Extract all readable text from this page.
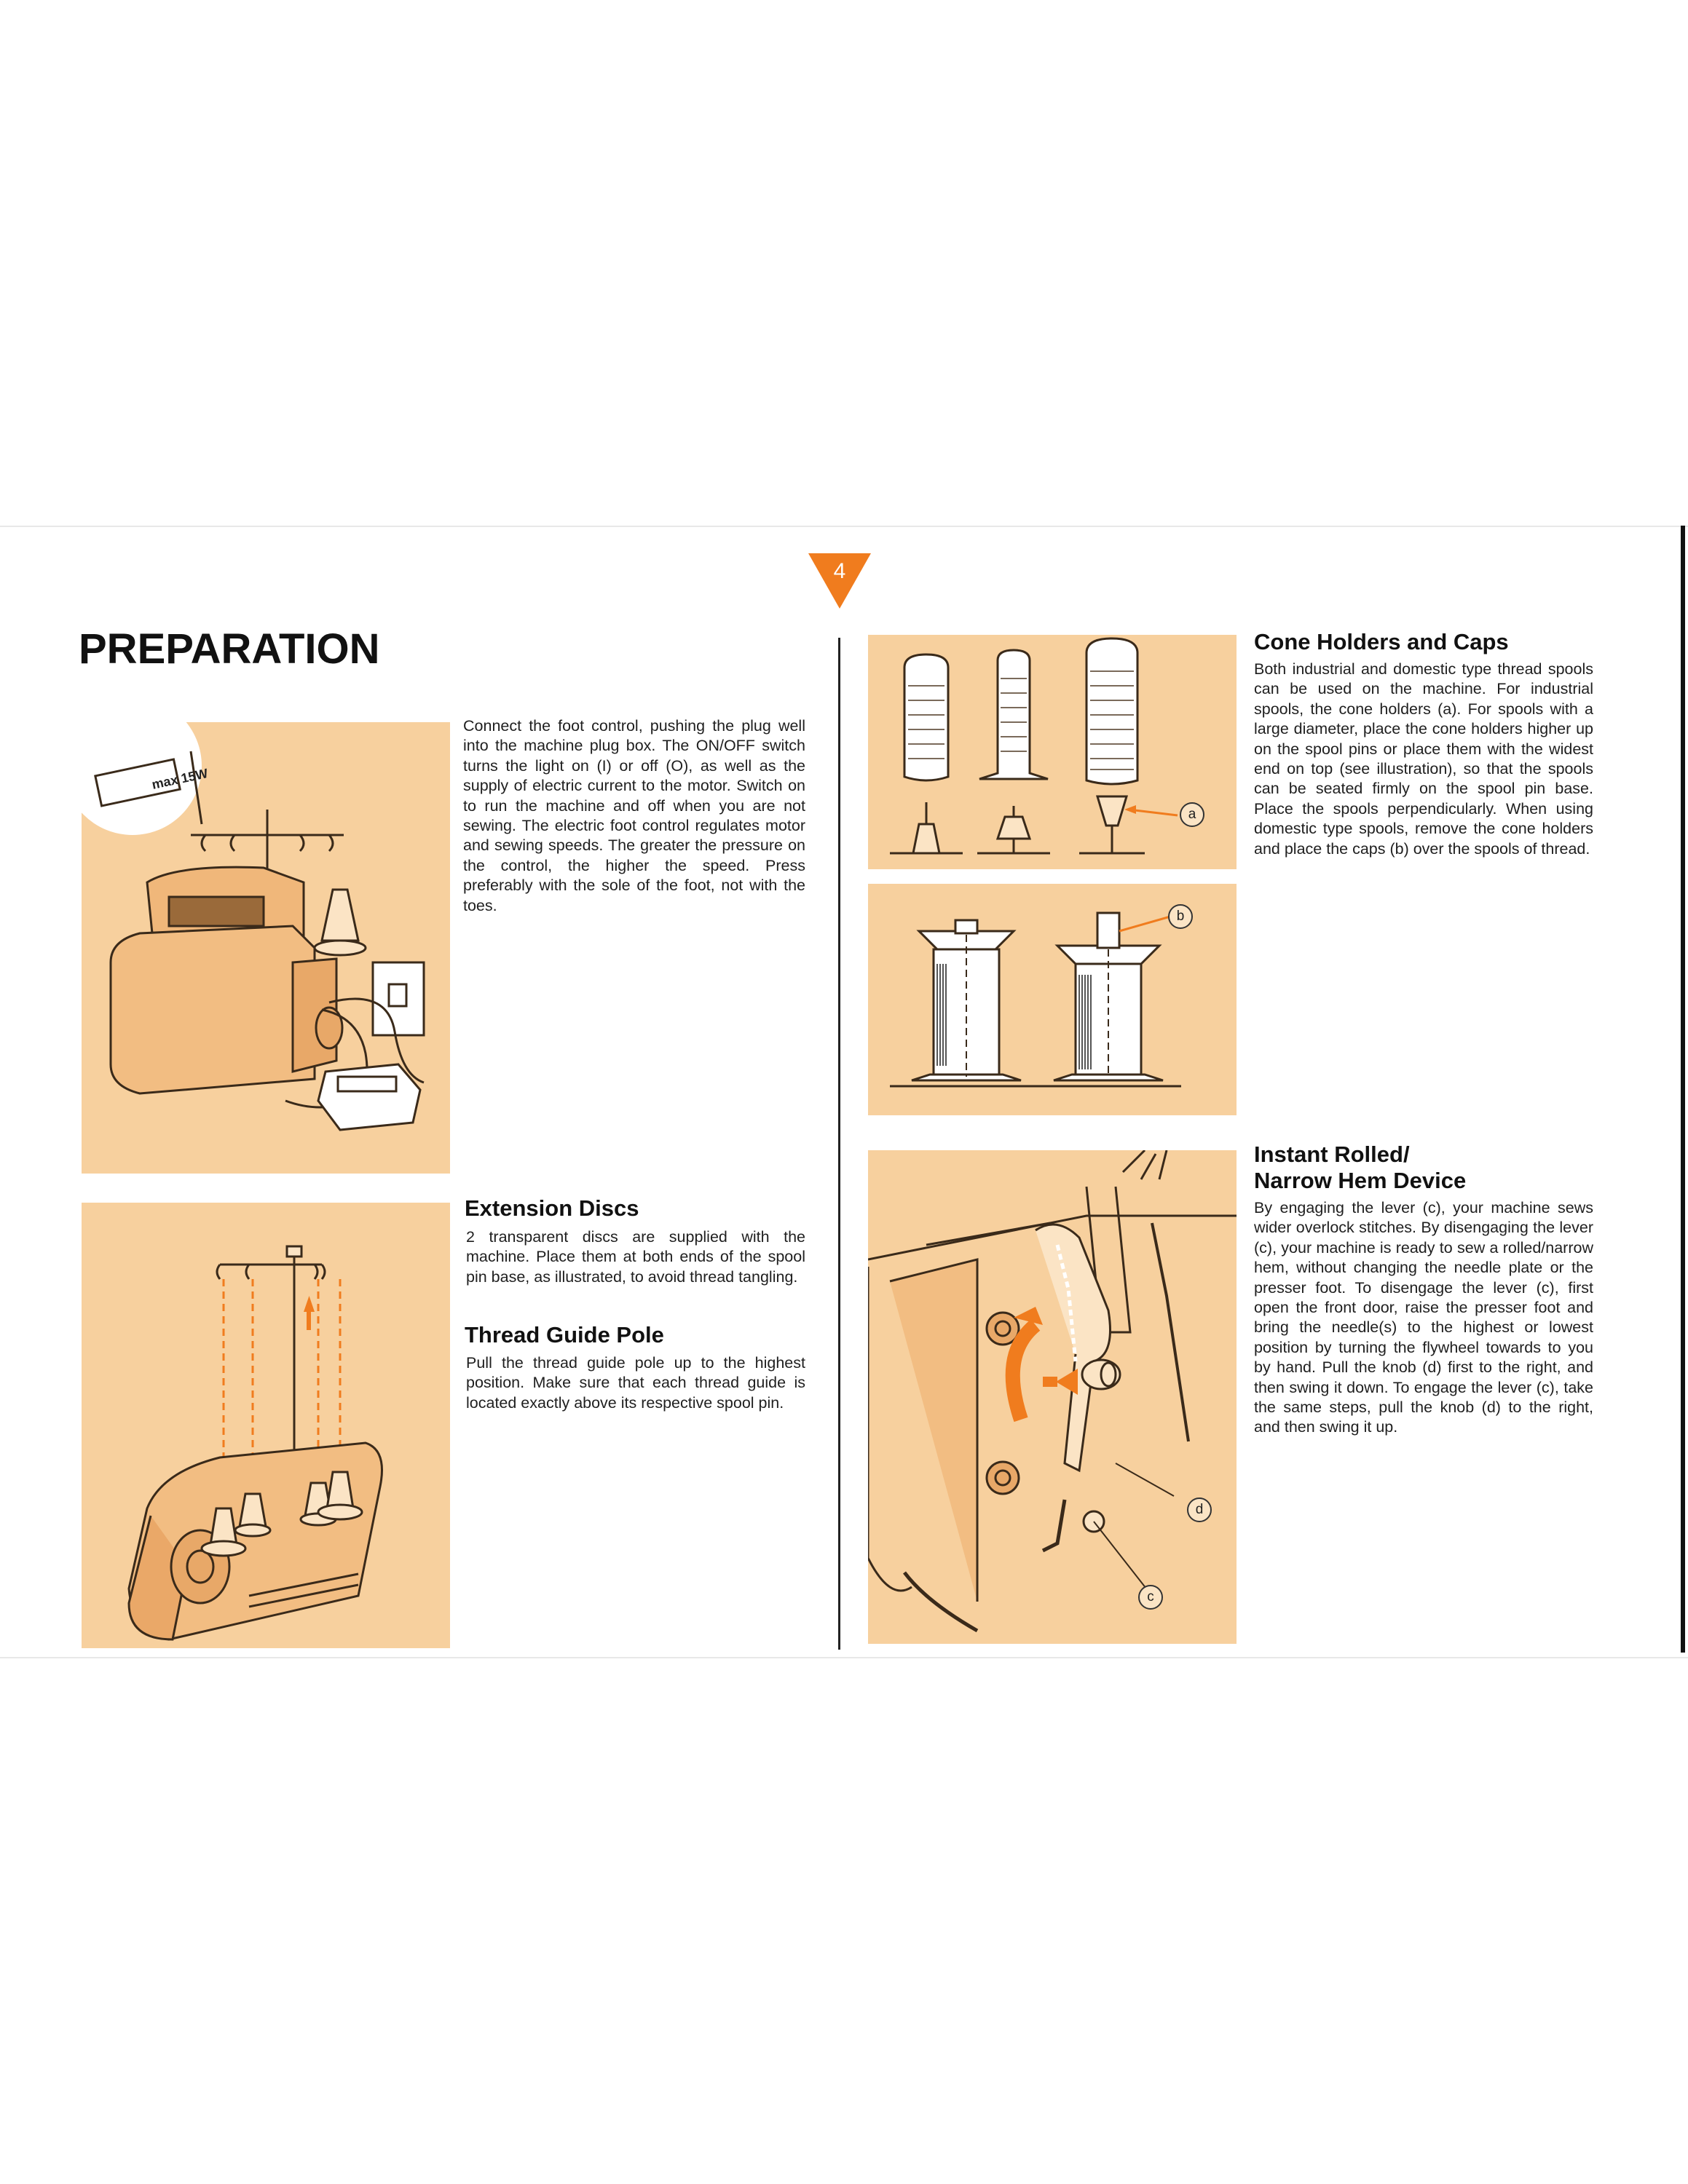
4
PREPARATION
max 15W
Connect the foot control, pushing the plug well into the machine plug box. The ON/OFF switch turns the light on (I) or off (O), as well as the supply of electric current to the motor. Switch on to run the machine and off when you are not sewing. The electric foot control regulates motor and sewing speeds. The greater the pressure on the control, the higher the speed. Press preferably with the sole of the foot, not with the toes.
Extension Discs
2 transparent discs are supplied with the machine. Place them at both ends of the spool pin base, as illustrated, to avoid thread tangling.
Thread Guide Pole
Pull the thread guide pole up to the highest position. Make sure that each thread guide is located exactly above its respective spool pin.
a
b
Cone Holders and Caps
Both industrial and domestic type thread spools can be used on the machine. For industrial spools, the cone holders (a). For spools with a large diameter, place the cone holders higher up on the spool pins or place them with the widest end on top (see illustration), so that the spools can be seated firmly on the spool pin base. Place the spools perpendicularly. When using domestic type spools, remove the cone holders and place the caps (b) over the spools of thread.
d
c
Instant Rolled/
Narrow Hem Device
By engaging the lever (c), your machine sews wider overlock stitches. By disengaging the lever (c), your machine is ready to sew a rolled/narrow hem, without changing the needle plate or the presser foot. To disengage the lever (c), first open the front door, raise the presser foot and bring the needle(s) to the highest or lowest position by turning the flywheel towards to you by hand. Pull the knob (d) first to the right, and then swing it down. To engage the lever (c), take the same steps, pull the knob (d) to the right, and then swing it up.
